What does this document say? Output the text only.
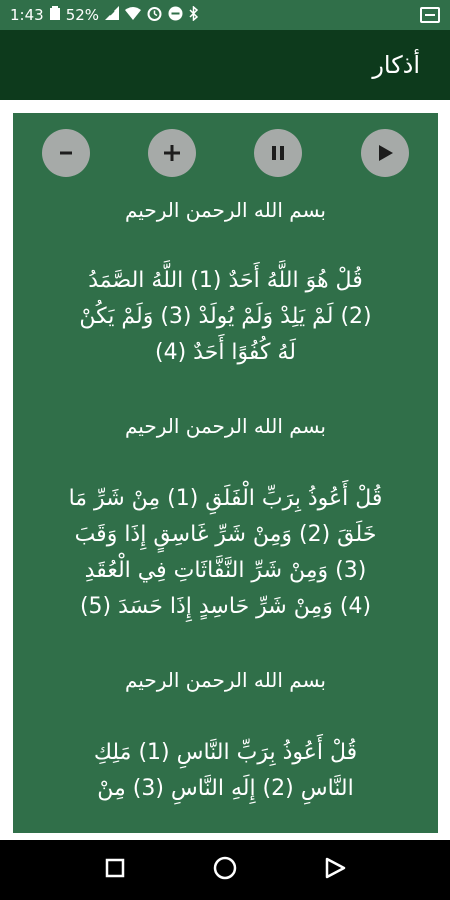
1:43 52%
أذكار
بسم الله الرحمن الرحيم
قُلْ هُوَ اللَّهُ أَحَدٌ (1) اللَّهُ الصَّمَدُ
(2) لَمْ يَلِدْ وَلَمْ يُولَدْ (3) وَلَمْ يَكُنْ
لَهُ كُفُوًا أَحَدٌ (4)
بسم الله الرحمن الرحيم
قُلْ أَعُوذُ بِرَبِّ الْفَلَقِ (1) مِنْ شَرِّ مَا
خَلَقَ (2) وَمِنْ شَرِّ غَاسِقٍ إِذَا وَقَبَ
(3) وَمِنْ شَرِّ النَّفَّاثَاتِ فِي الْعُقَدِ
(4) وَمِنْ شَرِّ حَاسِدٍ إِذَا حَسَدَ (5)
بسم الله الرحمن الرحيم
قُلْ أَعُوذُ بِرَبِّ النَّاسِ (1) مَلِكِ
النَّاسِ (2) إِلَهِ النَّاسِ (3) مِنْ
